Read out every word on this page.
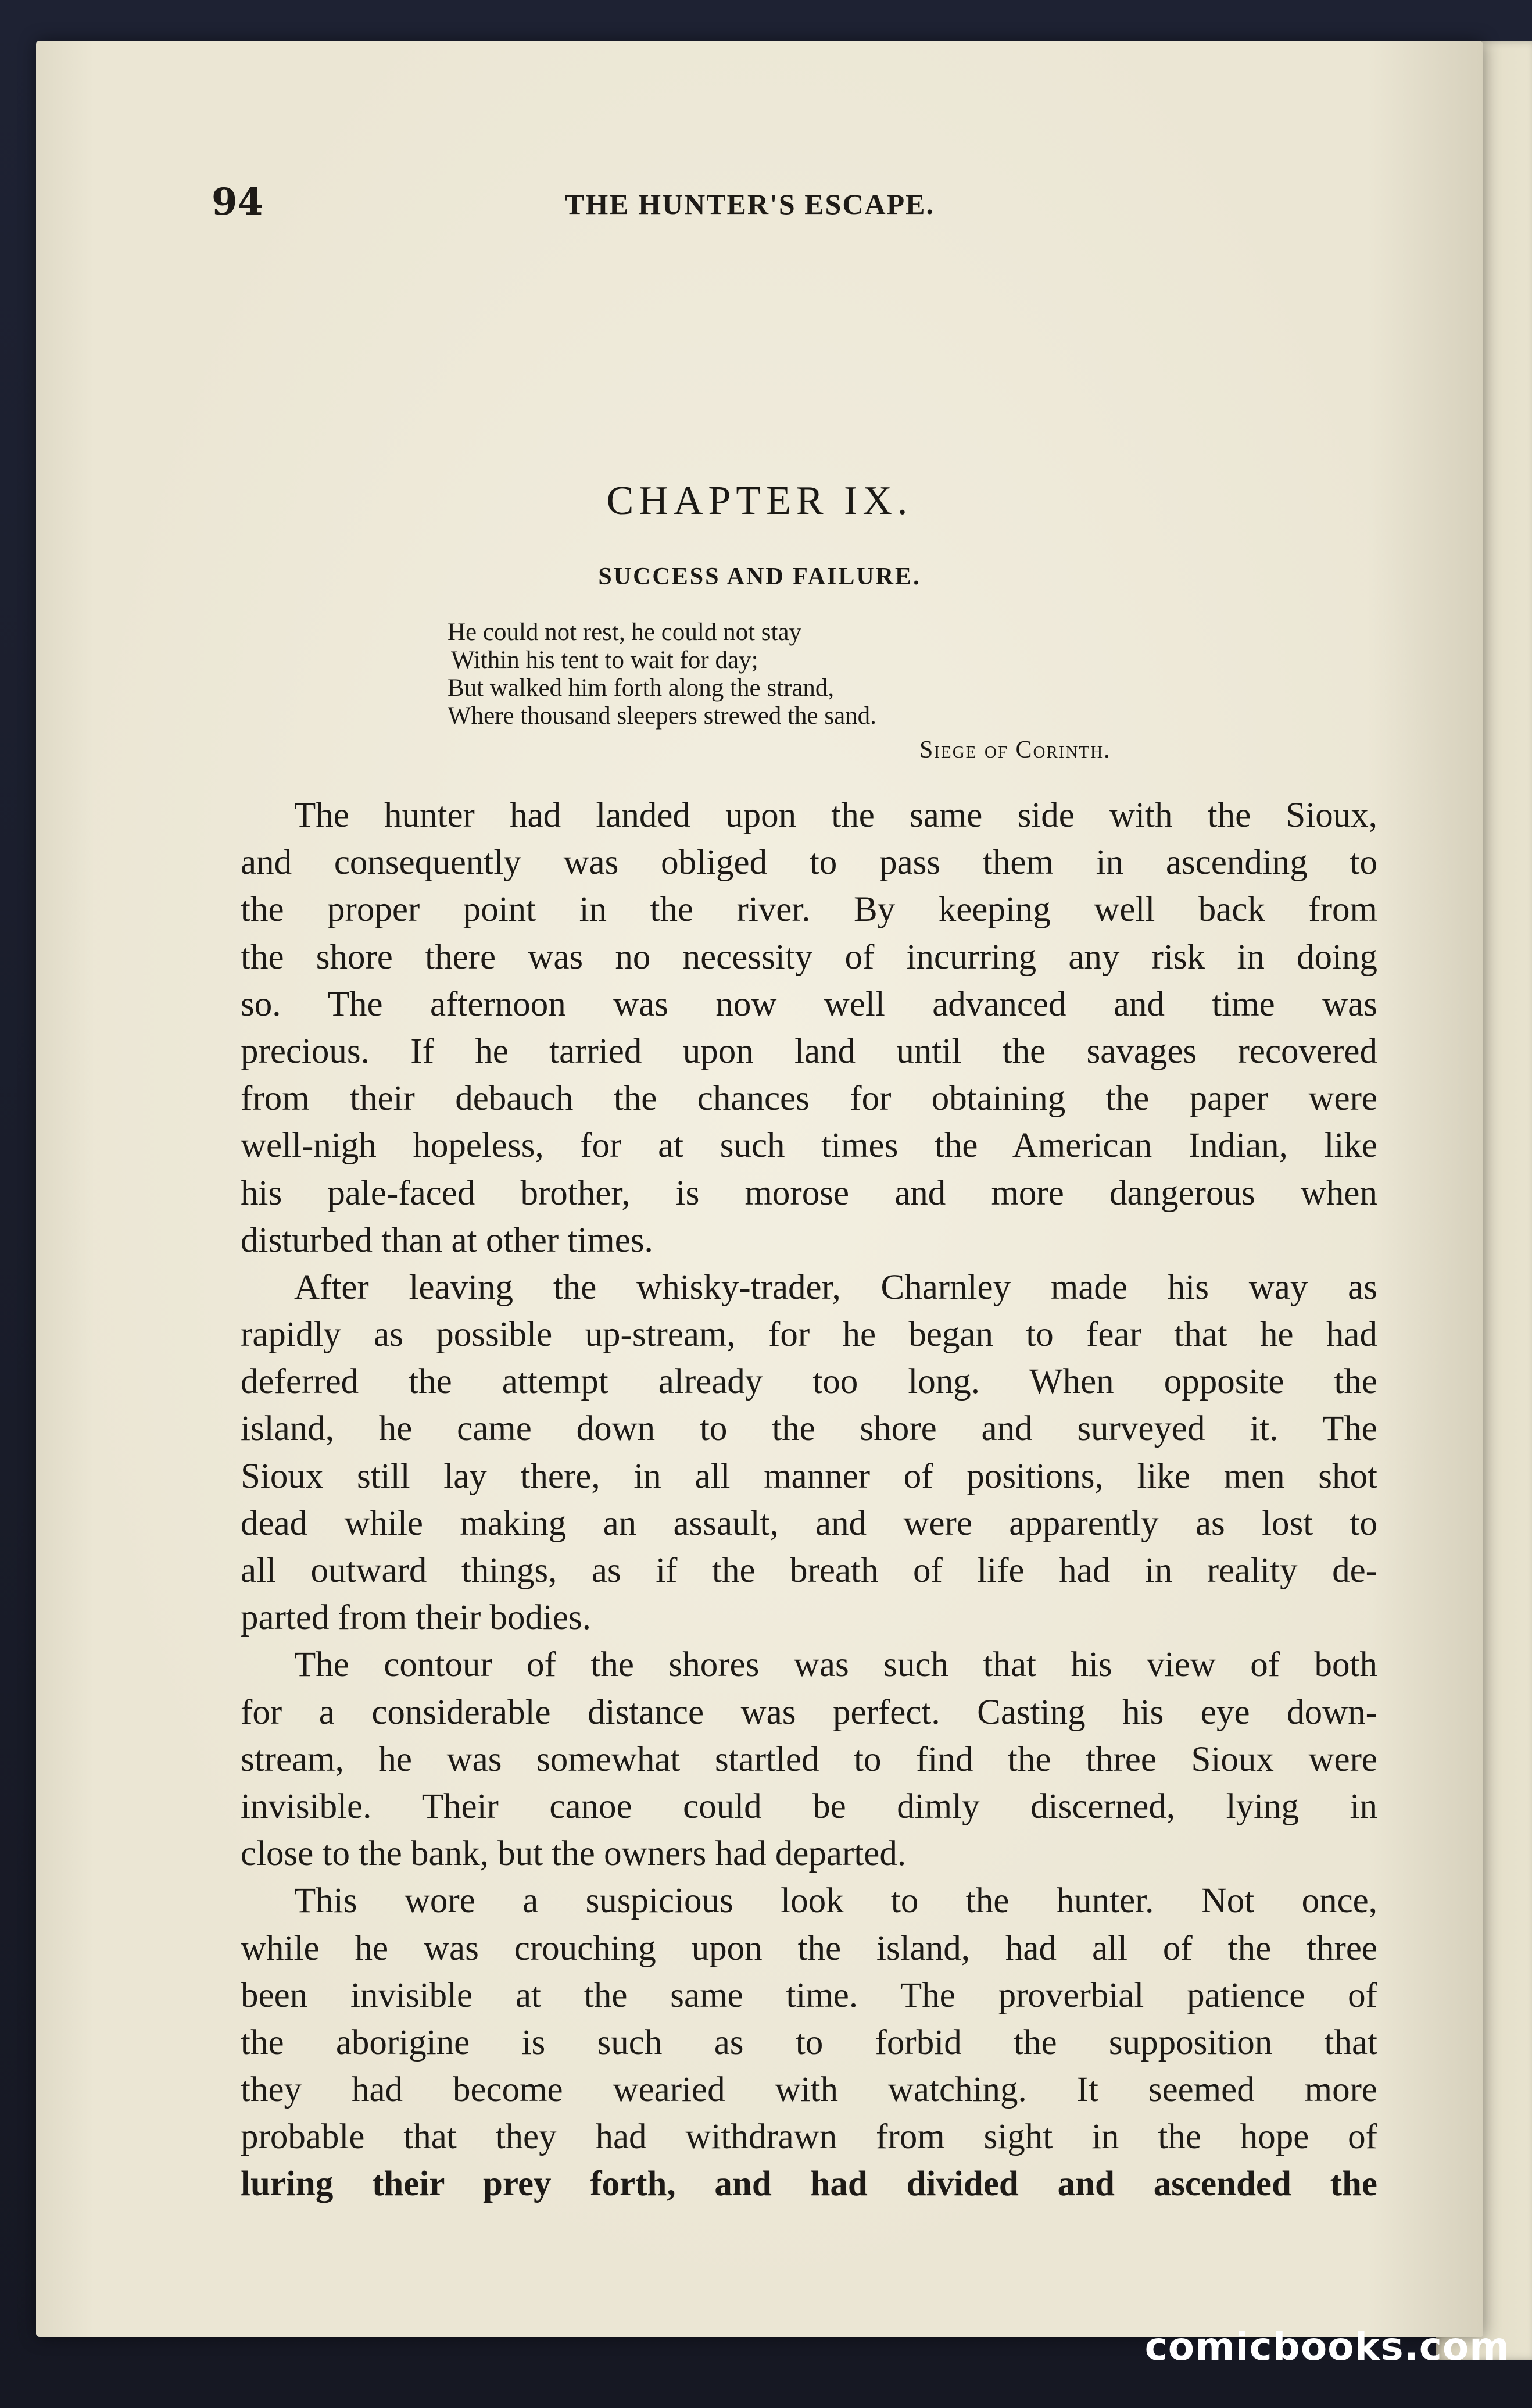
94	THE HUNTER'S ESCAPE.
CHAPTER IX.
SUCCESS AND FAILURE.
He could not rest, he could not stay
Within his tent to wait for day;
But walked him forth along the strand,
Where thousand sleepers strewed the sand.
Siege of Corinth.
The hunter had landed upon the same side with the Sioux,
and consequently was obliged to pass them in ascending to
the proper point in the river. By keeping well back from
the shore there was no necessity of incurring any risk in doing
so. The afternoon was now well advanced and time was
precious. If he tarried upon land until the savages recovered
from their debauch the chances for obtaining the paper were
well-nigh hopeless, for at such times the American Indian, like
his pale-faced brother, is morose and more dangerous when
disturbed than at other times.
After leaving the whisky-trader, Charnley made his way as
rapidly as possible up-stream, for he began to fear that he had
deferred the attempt already too long. When opposite the
island, he came down to the shore and surveyed it. The
Sioux still lay there, in all manner of positions, like men shot
dead while making an assault, and were apparently as lost to
all outward things, as if the breath of life had in reality de-
parted from their bodies.
The contour of the shores was such that his view of both
for a considerable distance was perfect. Casting his eye down-
stream, he was somewhat startled to find the three Sioux were
invisible. Their canoe could be dimly discerned, lying in
close to the bank, but the owners had departed.
This wore a suspicious look to the hunter. Not once,
while he was crouching upon the island, had all of the three
been invisible at the same time. The proverbial patience of
the aborigine is such as to forbid the supposition that
they had become wearied with watching. It seemed more
probable that they had withdrawn from sight in the hope of
luring their prey forth, and had divided and ascended the
comicbooks.com
